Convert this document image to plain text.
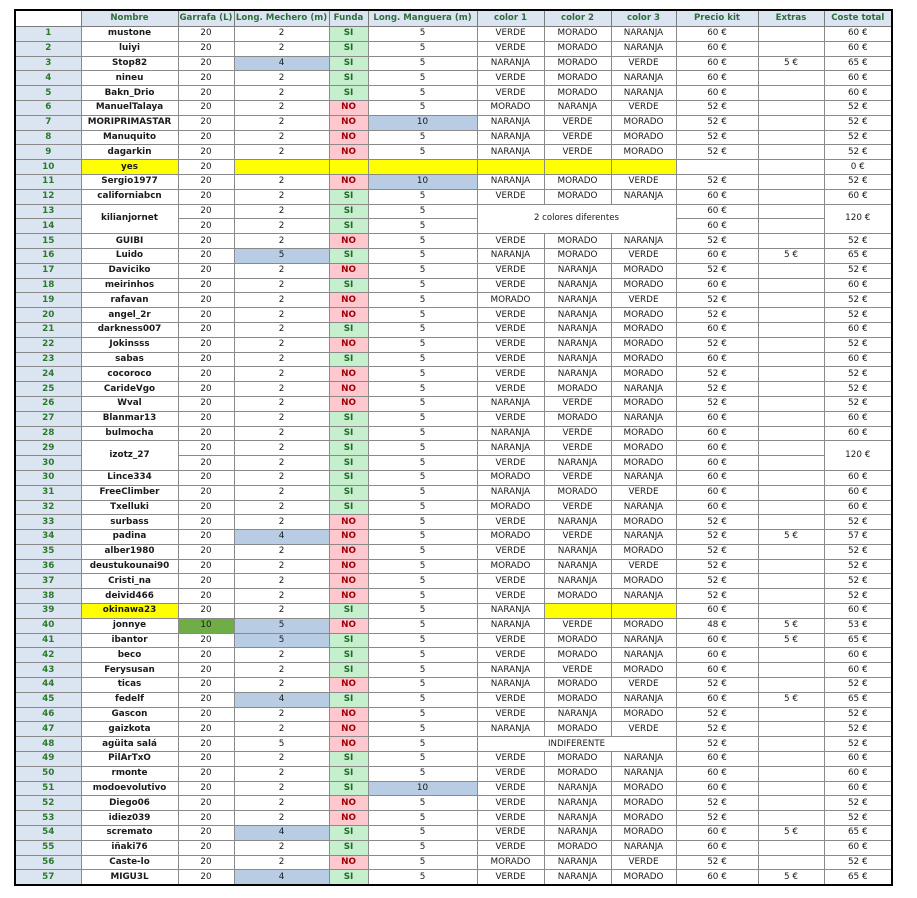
	Nombre	Garrafa (L)	Long. Mechero (m)	Funda	Long. Manguera (m)	color 1	color 2	color 3	Precio kit	Extras	Coste total
1	mustone	20	2	SI	5	VERDE	MORADO	NARANJA	60 €		60 €
2	luiyi	20	2	SI	5	VERDE	MORADO	NARANJA	60 €		60 €
3	Stop82	20	4	SI	5	NARANJA	MORADO	VERDE	60 €	5 €	65 €
4	nineu	20	2	SI	5	VERDE	MORADO	NARANJA	60 €		60 €
5	Bakn_Drio	20	2	SI	5	VERDE	MORADO	NARANJA	60 €		60 €
6	ManuelTalaya	20	2	NO	5	MORADO	NARANJA	VERDE	52 €		52 €
7	MORIPRIMASTAR	20	2	NO	10	NARANJA	VERDE	MORADO	52 €		52 €
8	Manuquito	20	2	NO	5	NARANJA	VERDE	MORADO	52 €		52 €
9	dagarkin	20	2	NO	5	NARANJA	VERDE	MORADO	52 €		52 €
10	yes	20									0 €
11	Sergio1977	20	2	NO	10	NARANJA	MORADO	VERDE	52 €		52 €
12	californiabcn	20	2	SI	5	VERDE	MORADO	NARANJA	60 €		60 €
13	kilianjornet	20	2	SI	5	2 colores diferentes			60 €		120 €
14		20	2	SI	5				60 €		
15	GUIBI	20	2	NO	5	VERDE	MORADO	NARANJA	52 €		52 €
16	Luido	20	5	SI	5	NARANJA	MORADO	VERDE	60 €	5 €	65 €
17	Daviciko	20	2	NO	5	VERDE	NARANJA	MORADO	52 €		52 €
18	meirinhos	20	2	SI	5	VERDE	NARANJA	MORADO	60 €		60 €
19	rafavan	20	2	NO	5	MORADO	NARANJA	VERDE	52 €		52 €
20	angel_2r	20	2	NO	5	VERDE	NARANJA	MORADO	52 €		52 €
21	darkness007	20	2	SI	5	VERDE	NARANJA	MORADO	60 €		60 €
22	Jokinsss	20	2	NO	5	VERDE	NARANJA	MORADO	52 €		52 €
23	sabas	20	2	SI	5	VERDE	NARANJA	MORADO	60 €		60 €
24	cocoroco	20	2	NO	5	VERDE	NARANJA	MORADO	52 €		52 €
25	CarideVgo	20	2	NO	5	VERDE	MORADO	NARANJA	52 €		52 €
26	Wval	20	2	NO	5	NARANJA	VERDE	MORADO	52 €		52 €
27	Blanmar13	20	2	SI	5	VERDE	MORADO	NARANJA	60 €		60 €
28	bulmocha	20	2	SI	5	NARANJA	VERDE	MORADO	60 €		60 €
29	izotz_27	20	2	SI	5	NARANJA	VERDE	MORADO	60 €		120 €
30		20	2	SI	5	VERDE	NARANJA	MORADO	60 €		
30	Lince334	20	2	SI	5	MORADO	VERDE	NARANJA	60 €		60 €
31	FreeClimber	20	2	SI	5	NARANJA	MORADO	VERDE	60 €		60 €
32	Txelluki	20	2	SI	5	MORADO	VERDE	NARANJA	60 €		60 €
33	surbass	20	2	NO	5	VERDE	NARANJA	MORADO	52 €		52 €
34	padina	20	4	NO	5	MORADO	VERDE	NARANJA	52 €	5 €	57 €
35	alber1980	20	2	NO	5	VERDE	NARANJA	MORADO	52 €		52 €
36	deustukounai90	20	2	NO	5	MORADO	NARANJA	VERDE	52 €		52 €
37	Cristi_na	20	2	NO	5	VERDE	NARANJA	MORADO	52 €		52 €
38	deivid466	20	2	NO	5	VERDE	MORADO	NARANJA	52 €		52 €
39	okinawa23	20	2	SI	5	NARANJA			60 €		60 €
40	jonnye	10	5	NO	5	NARANJA	VERDE	MORADO	48 €	5 €	53 €
41	ibantor	20	5	SI	5	VERDE	MORADO	NARANJA	60 €	5 €	65 €
42	beco	20	2	SI	5	VERDE	MORADO	NARANJA	60 €		60 €
43	Ferysusan	20	2	SI	5	NARANJA	VERDE	MORADO	60 €		60 €
44	ticas	20	2	NO	5	NARANJA	MORADO	VERDE	52 €		52 €
45	fedelf	20	4	SI	5	VERDE	MORADO	NARANJA	60 €	5 €	65 €
46	Gascon	20	2	NO	5	VERDE	NARANJA	MORADO	52 €		52 €
47	gaizkota	20	2	NO	5	NARANJA	MORADO	VERDE	52 €		52 €
48	agüita salá	20	5	NO	5	INDIFERENTE			52 €		52 €
49	PilArTxO	20	2	SI	5	VERDE	MORADO	NARANJA	60 €		60 €
50	rmonte	20	2	SI	5	VERDE	MORADO	NARANJA	60 €		60 €
51	modoevolutivo	20	2	SI	10	VERDE	NARANJA	MORADO	60 €		60 €
52	Diego06	20	2	NO	5	VERDE	NARANJA	MORADO	52 €		52 €
53	idiez039	20	2	NO	5	VERDE	NARANJA	MORADO	52 €		52 €
54	scremato	20	4	SI	5	VERDE	NARANJA	MORADO	60 €	5 €	65 €
55	iñaki76	20	2	SI	5	VERDE	MORADO	NARANJA	60 €		60 €
56	Caste-lo	20	2	NO	5	MORADO	NARANJA	VERDE	52 €		52 €
57	MIGU3L	20	4	SI	5	VERDE	NARANJA	MORADO	60 €	5 €	65 €
